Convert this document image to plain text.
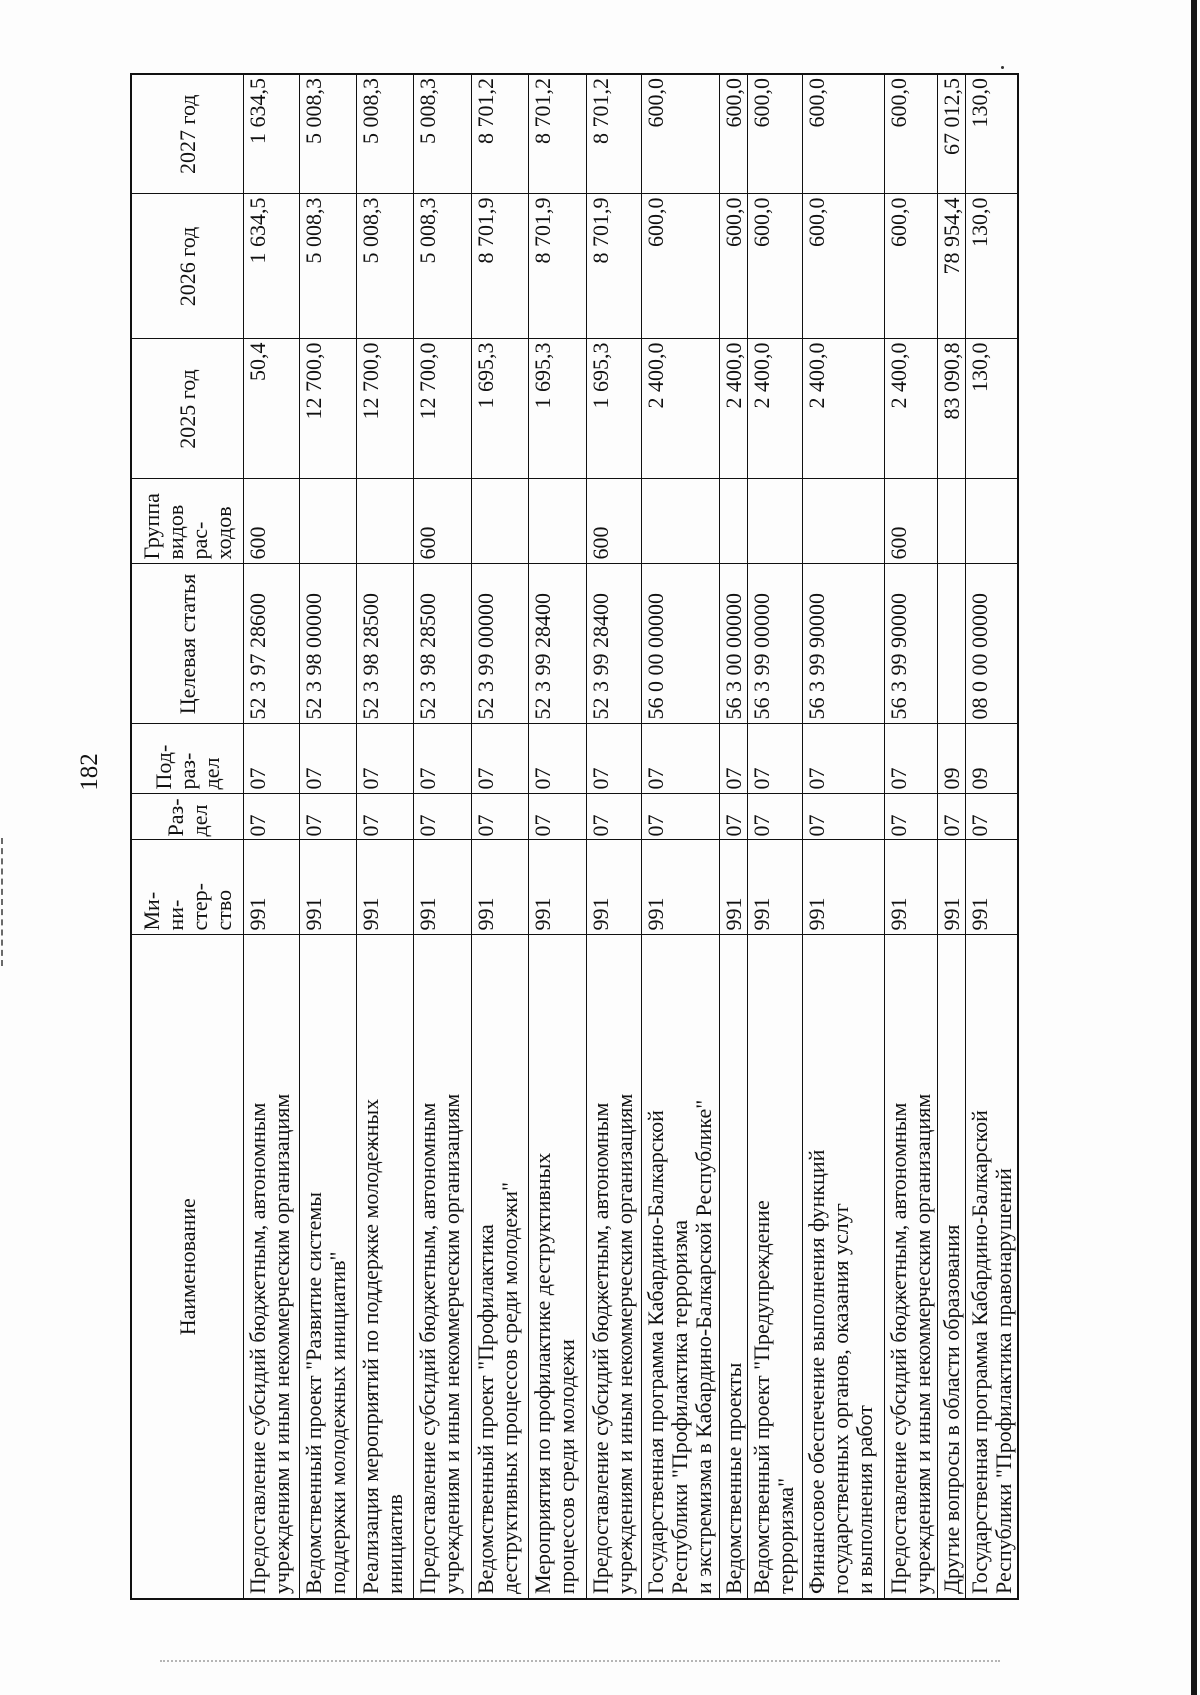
182
Наименование	Ми-
ни-
стер-
ство	Раз-
дел	Под-
раз-
дел	Целевая статья	Группа
видов
рас-
ходов	2025 год	2026 год	2027 год
Предоставление субсидий бюджетным, автономным
учреждениям и иным некоммерческим организациям	991	07	07	52 3 97 28600	600	50,4	1 634,5	1 634,5
Ведомственный проект "Развитие системы
поддержки молодежных инициатив"	991	07	07	52 3 98 00000		12 700,0	5 008,3	5 008,3
Реализация мероприятий по поддержке молодежных
инициатив	991	07	07	52 3 98 28500		12 700,0	5 008,3	5 008,3
Предоставление субсидий бюджетным, автономным
учреждениям и иным некоммерческим организациям	991	07	07	52 3 98 28500	600	12 700,0	5 008,3	5 008,3
Ведомственный проект "Профилактика
деструктивных процессов среди молодежи"	991	07	07	52 3 99 00000		1 695,3	8 701,9	8 701,2
Мероприятия по профилактике деструктивных
процессов среди молодежи	991	07	07	52 3 99 28400		1 695,3	8 701,9	8 701,2
Предоставление субсидий бюджетным, автономным
учреждениям и иным некоммерческим организациям	991	07	07	52 3 99 28400	600	1 695,3	8 701,9	8 701,2
Государственная программа Кабардино-Балкарской
Республики "Профилактика терроризма
и экстремизма в Кабардино-Балкарской Республике"	991	07	07	56 0 00 00000		2 400,0	600,0	600,0
Ведомственные проекты	991	07	07	56 3 00 00000		2 400,0	600,0	600,0
Ведомственный проект "Предупреждение
терроризма"	991	07	07	56 3 99 00000		2 400,0	600,0	600,0
Финансовое обеспечение выполнения функций
государственных органов, оказания услуг
и выполнения работ	991	07	07	56 3 99 90000		2 400,0	600,0	600,0
Предоставление субсидий бюджетным, автономным
учреждениям и иным некоммерческим организациям	991	07	07	56 3 99 90000	600	2 400,0	600,0	600,0
Другие вопросы в области образования	991	07	09			83 090,8	78 954,4	67 012,5
Государственная программа Кабардино-Балкарской
Республики "Профилактика правонарушений	991	07	09	08 0 00 00000		130,0	130,0	130,0
